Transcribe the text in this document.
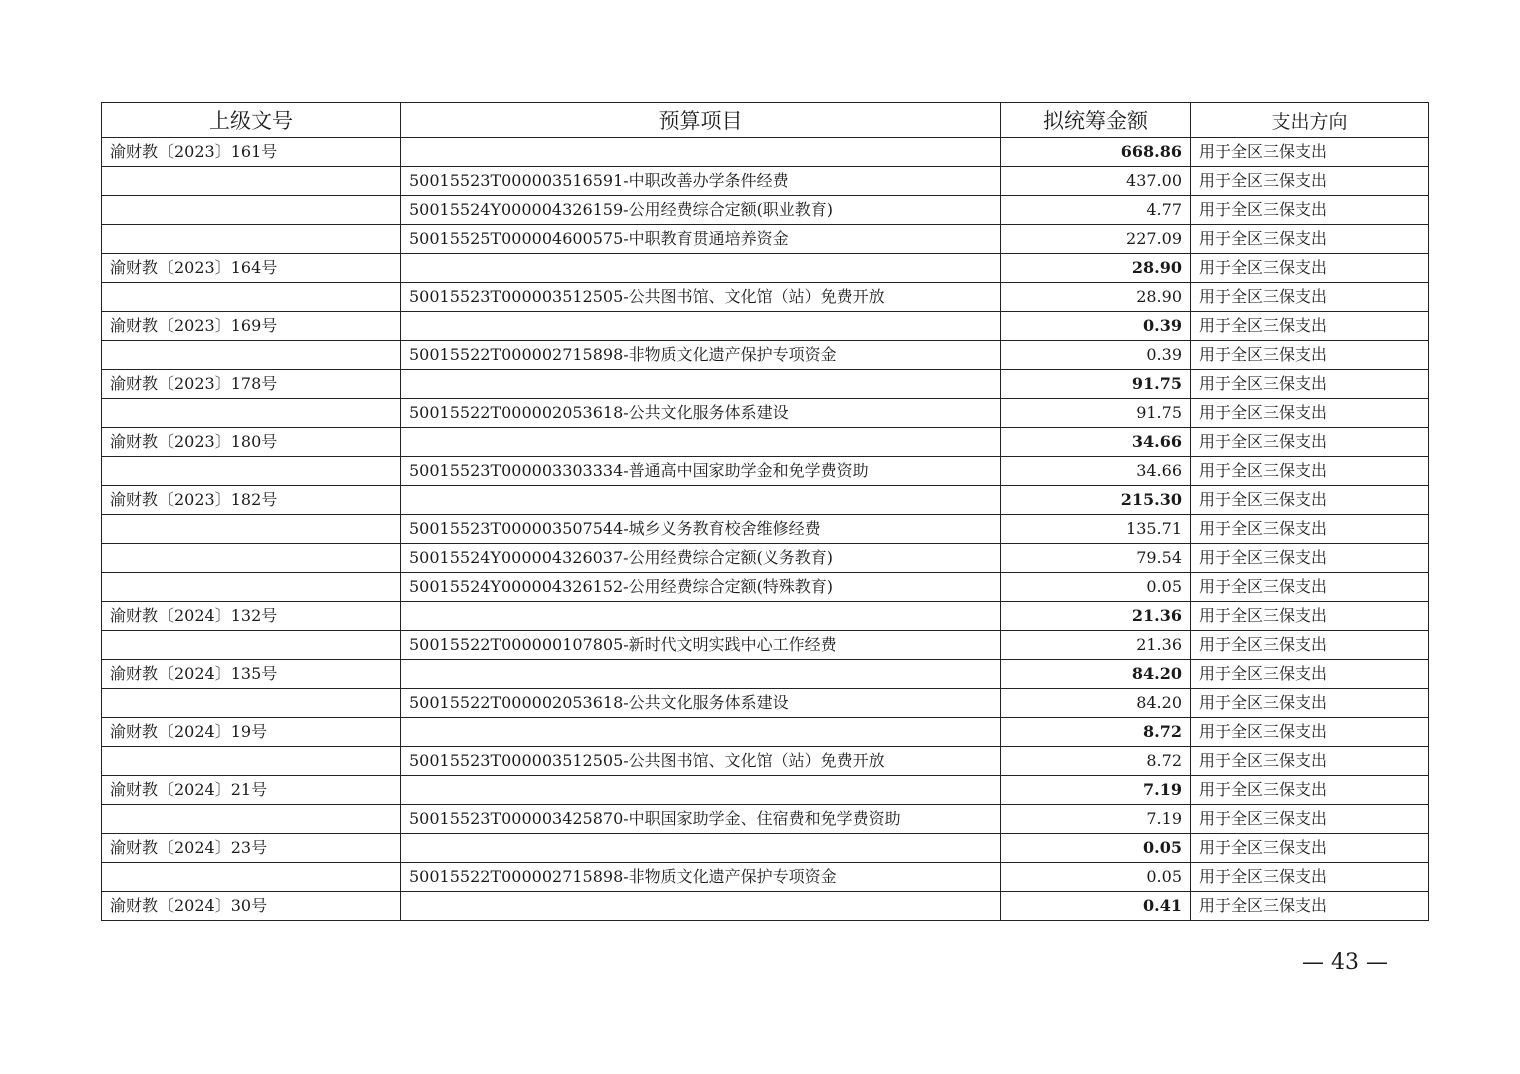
上级文号	预算项目	拟统筹金额	支出方向
渝财教〔2023〕161号		668.86	用于全区三保支出
	50015523T000003516591-中职改善办学条件经费	437.00	用于全区三保支出
	50015524Y000004326159-公用经费综合定额(职业教育)	4.77	用于全区三保支出
	50015525T000004600575-中职教育贯通培养资金	227.09	用于全区三保支出
渝财教〔2023〕164号		28.90	用于全区三保支出
	50015523T000003512505-公共图书馆、文化馆（站）免费开放	28.90	用于全区三保支出
渝财教〔2023〕169号		0.39	用于全区三保支出
	50015522T000002715898-非物质文化遗产保护专项资金	0.39	用于全区三保支出
渝财教〔2023〕178号		91.75	用于全区三保支出
	50015522T000002053618-公共文化服务体系建设	91.75	用于全区三保支出
渝财教〔2023〕180号		34.66	用于全区三保支出
	50015523T000003303334-普通高中国家助学金和免学费资助	34.66	用于全区三保支出
渝财教〔2023〕182号		215.30	用于全区三保支出
	50015523T000003507544-城乡义务教育校舍维修经费	135.71	用于全区三保支出
	50015524Y000004326037-公用经费综合定额(义务教育)	79.54	用于全区三保支出
	50015524Y000004326152-公用经费综合定额(特殊教育)	0.05	用于全区三保支出
渝财教〔2024〕132号		21.36	用于全区三保支出
	50015522T000000107805-新时代文明实践中心工作经费	21.36	用于全区三保支出
渝财教〔2024〕135号		84.20	用于全区三保支出
	50015522T000002053618-公共文化服务体系建设	84.20	用于全区三保支出
渝财教〔2024〕19号		8.72	用于全区三保支出
	50015523T000003512505-公共图书馆、文化馆（站）免费开放	8.72	用于全区三保支出
渝财教〔2024〕21号		7.19	用于全区三保支出
	50015523T000003425870-中职国家助学金、住宿费和免学费资助	7.19	用于全区三保支出
渝财教〔2024〕23号		0.05	用于全区三保支出
	50015522T000002715898-非物质文化遗产保护专项资金	0.05	用于全区三保支出
渝财教〔2024〕30号		0.41	用于全区三保支出
— 43 —
